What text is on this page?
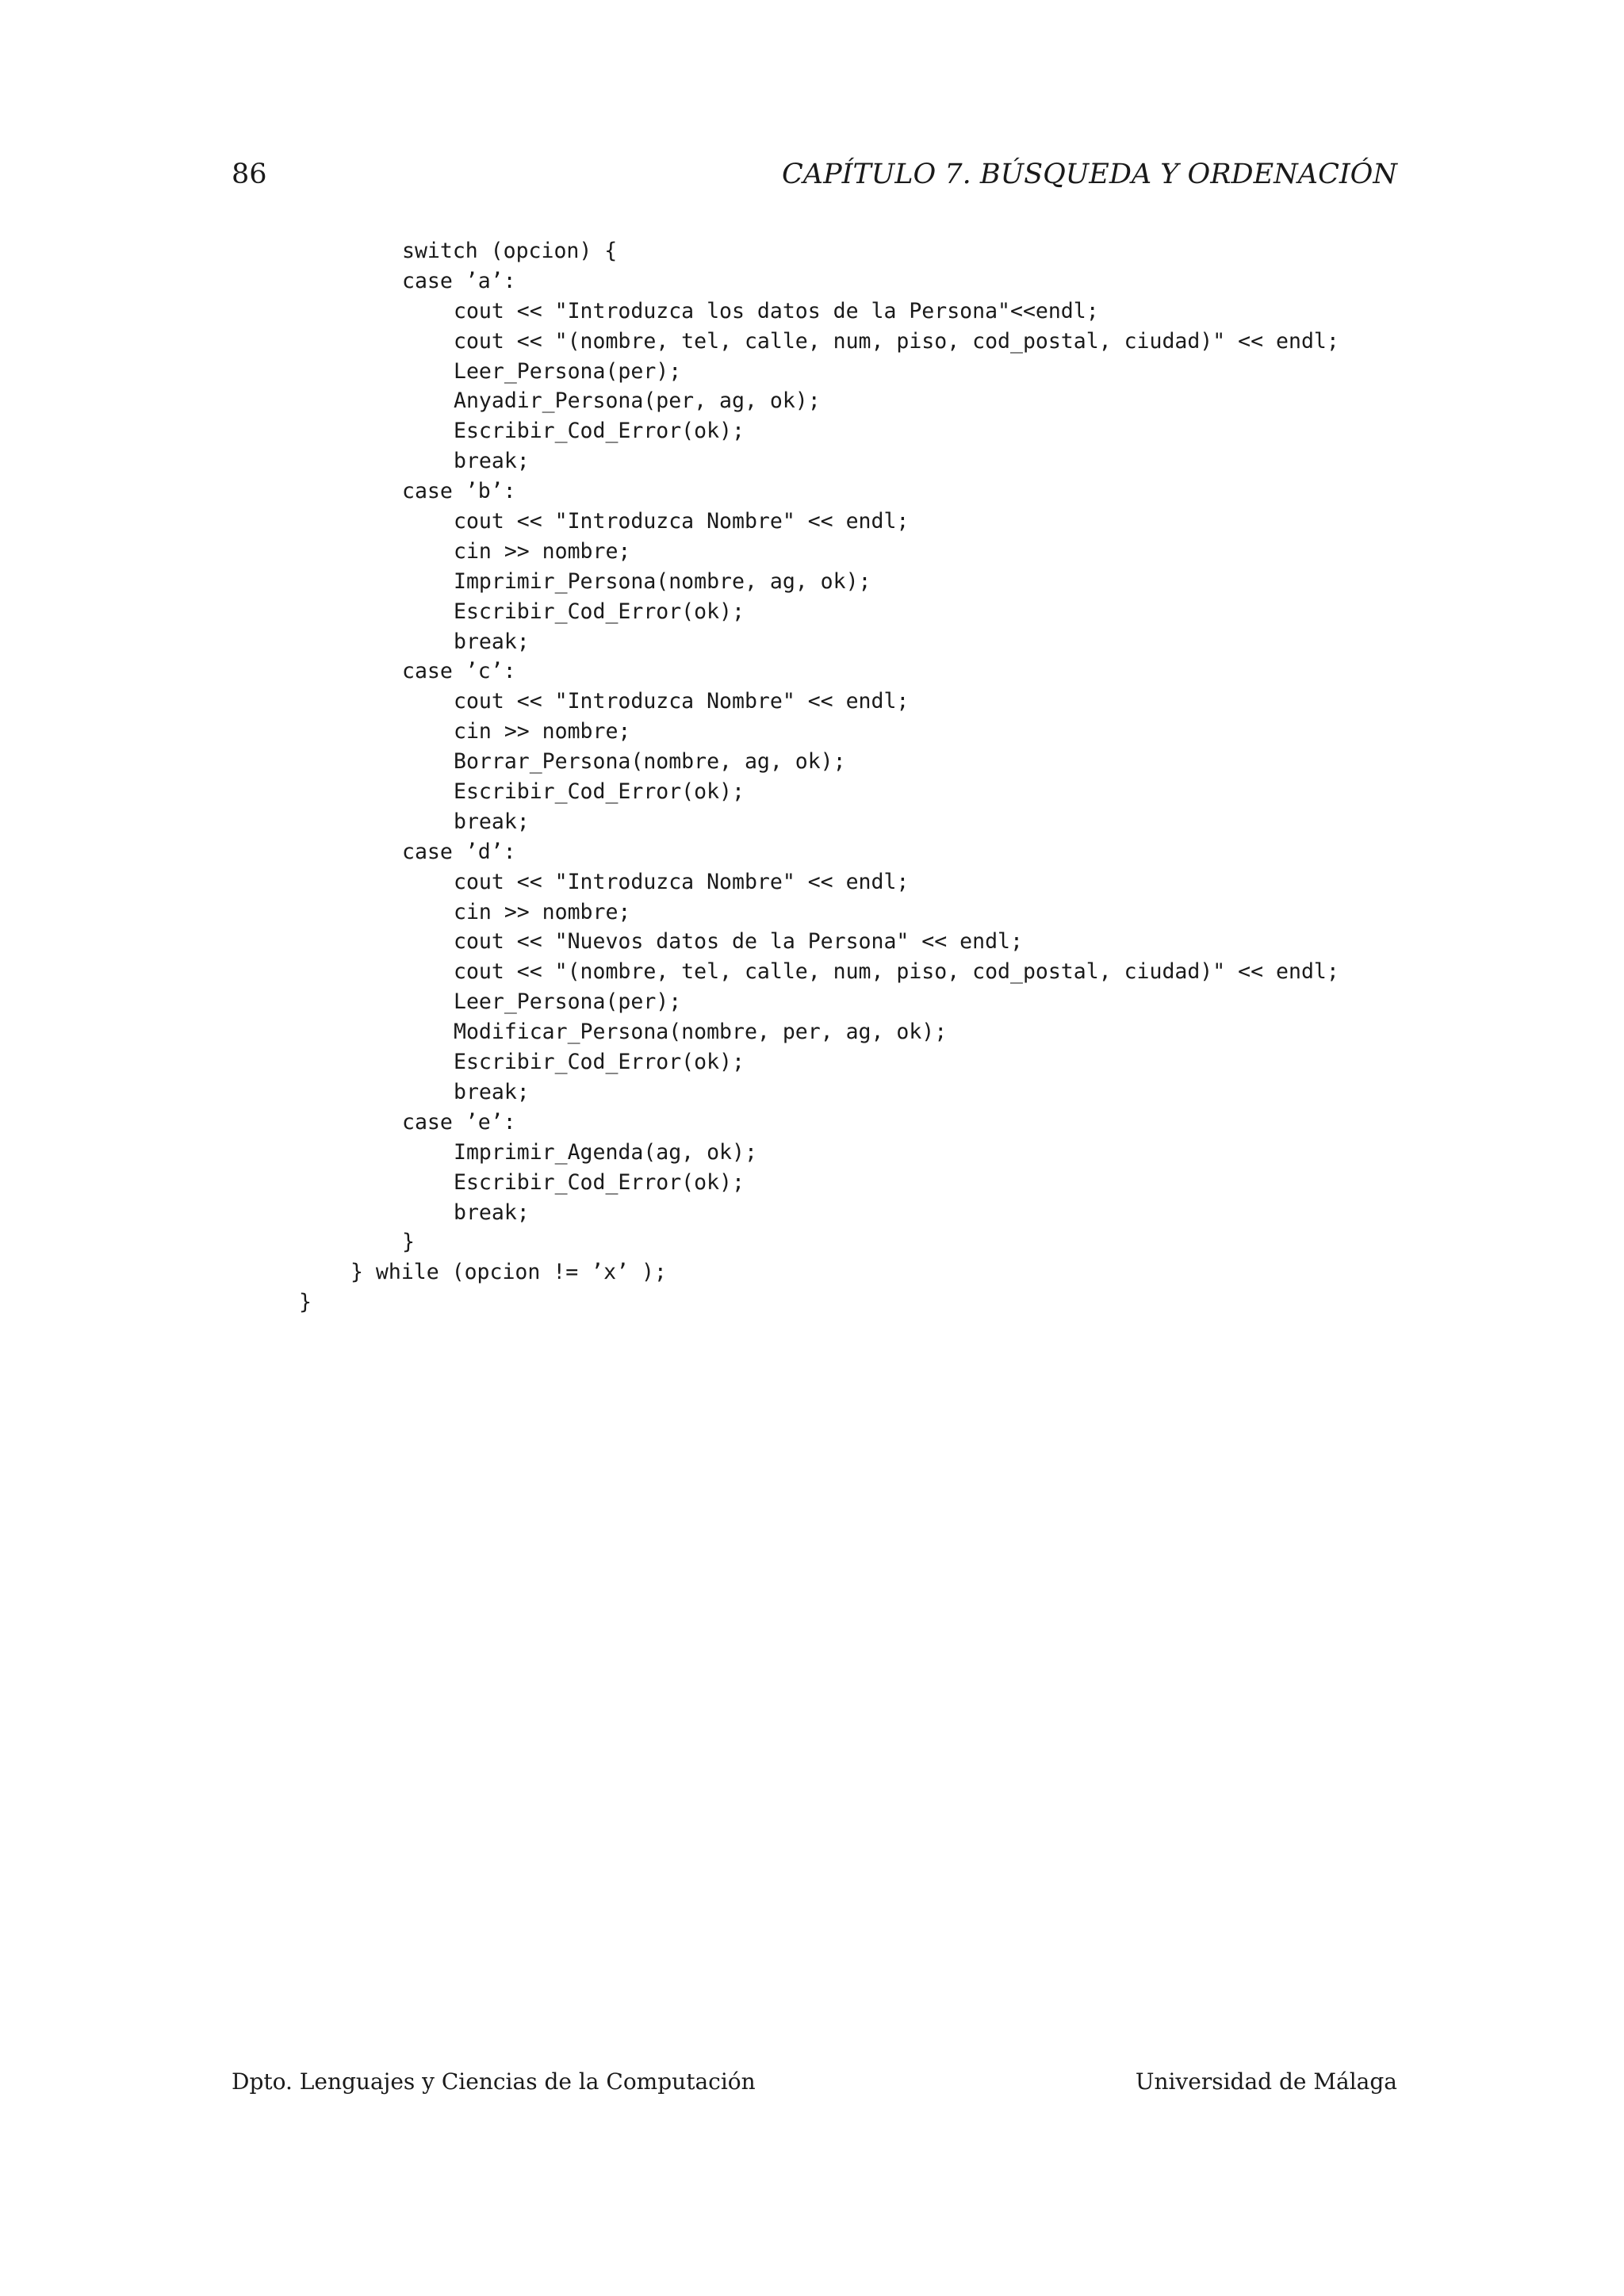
86	CAPÍTULO 7. BÚSQUEDA Y ORDENACIÓN
switch (opcion) {
case ’a’:
cout << "Introduzca los datos de la Persona"<<endl;
cout << "(nombre, tel, calle, num, piso, cod_postal, ciudad)" << endl;
Leer_Persona(per);
Anyadir_Persona(per, ag, ok);
Escribir_Cod_Error(ok);
break;
case ’b’:
cout << "Introduzca Nombre" << endl;
cin >> nombre;
Imprimir_Persona(nombre, ag, ok);
Escribir_Cod_Error(ok);
break;
case ’c’:
cout << "Introduzca Nombre" << endl;
cin >> nombre;
Borrar_Persona(nombre, ag, ok);
Escribir_Cod_Error(ok);
break;
case ’d’:
cout << "Introduzca Nombre" << endl;
cin >> nombre;
cout << "Nuevos datos de la Persona" << endl;
cout << "(nombre, tel, calle, num, piso, cod_postal, ciudad)" << endl;
Leer_Persona(per);
Modificar_Persona(nombre, per, ag, ok);
Escribir_Cod_Error(ok);
break;
case ’e’:
Imprimir_Agenda(ag, ok);
Escribir_Cod_Error(ok);
break;
}
} while (opcion != ’x’ );
}
Dpto. Lenguajes y Ciencias de la Computación	Universidad de Málaga
